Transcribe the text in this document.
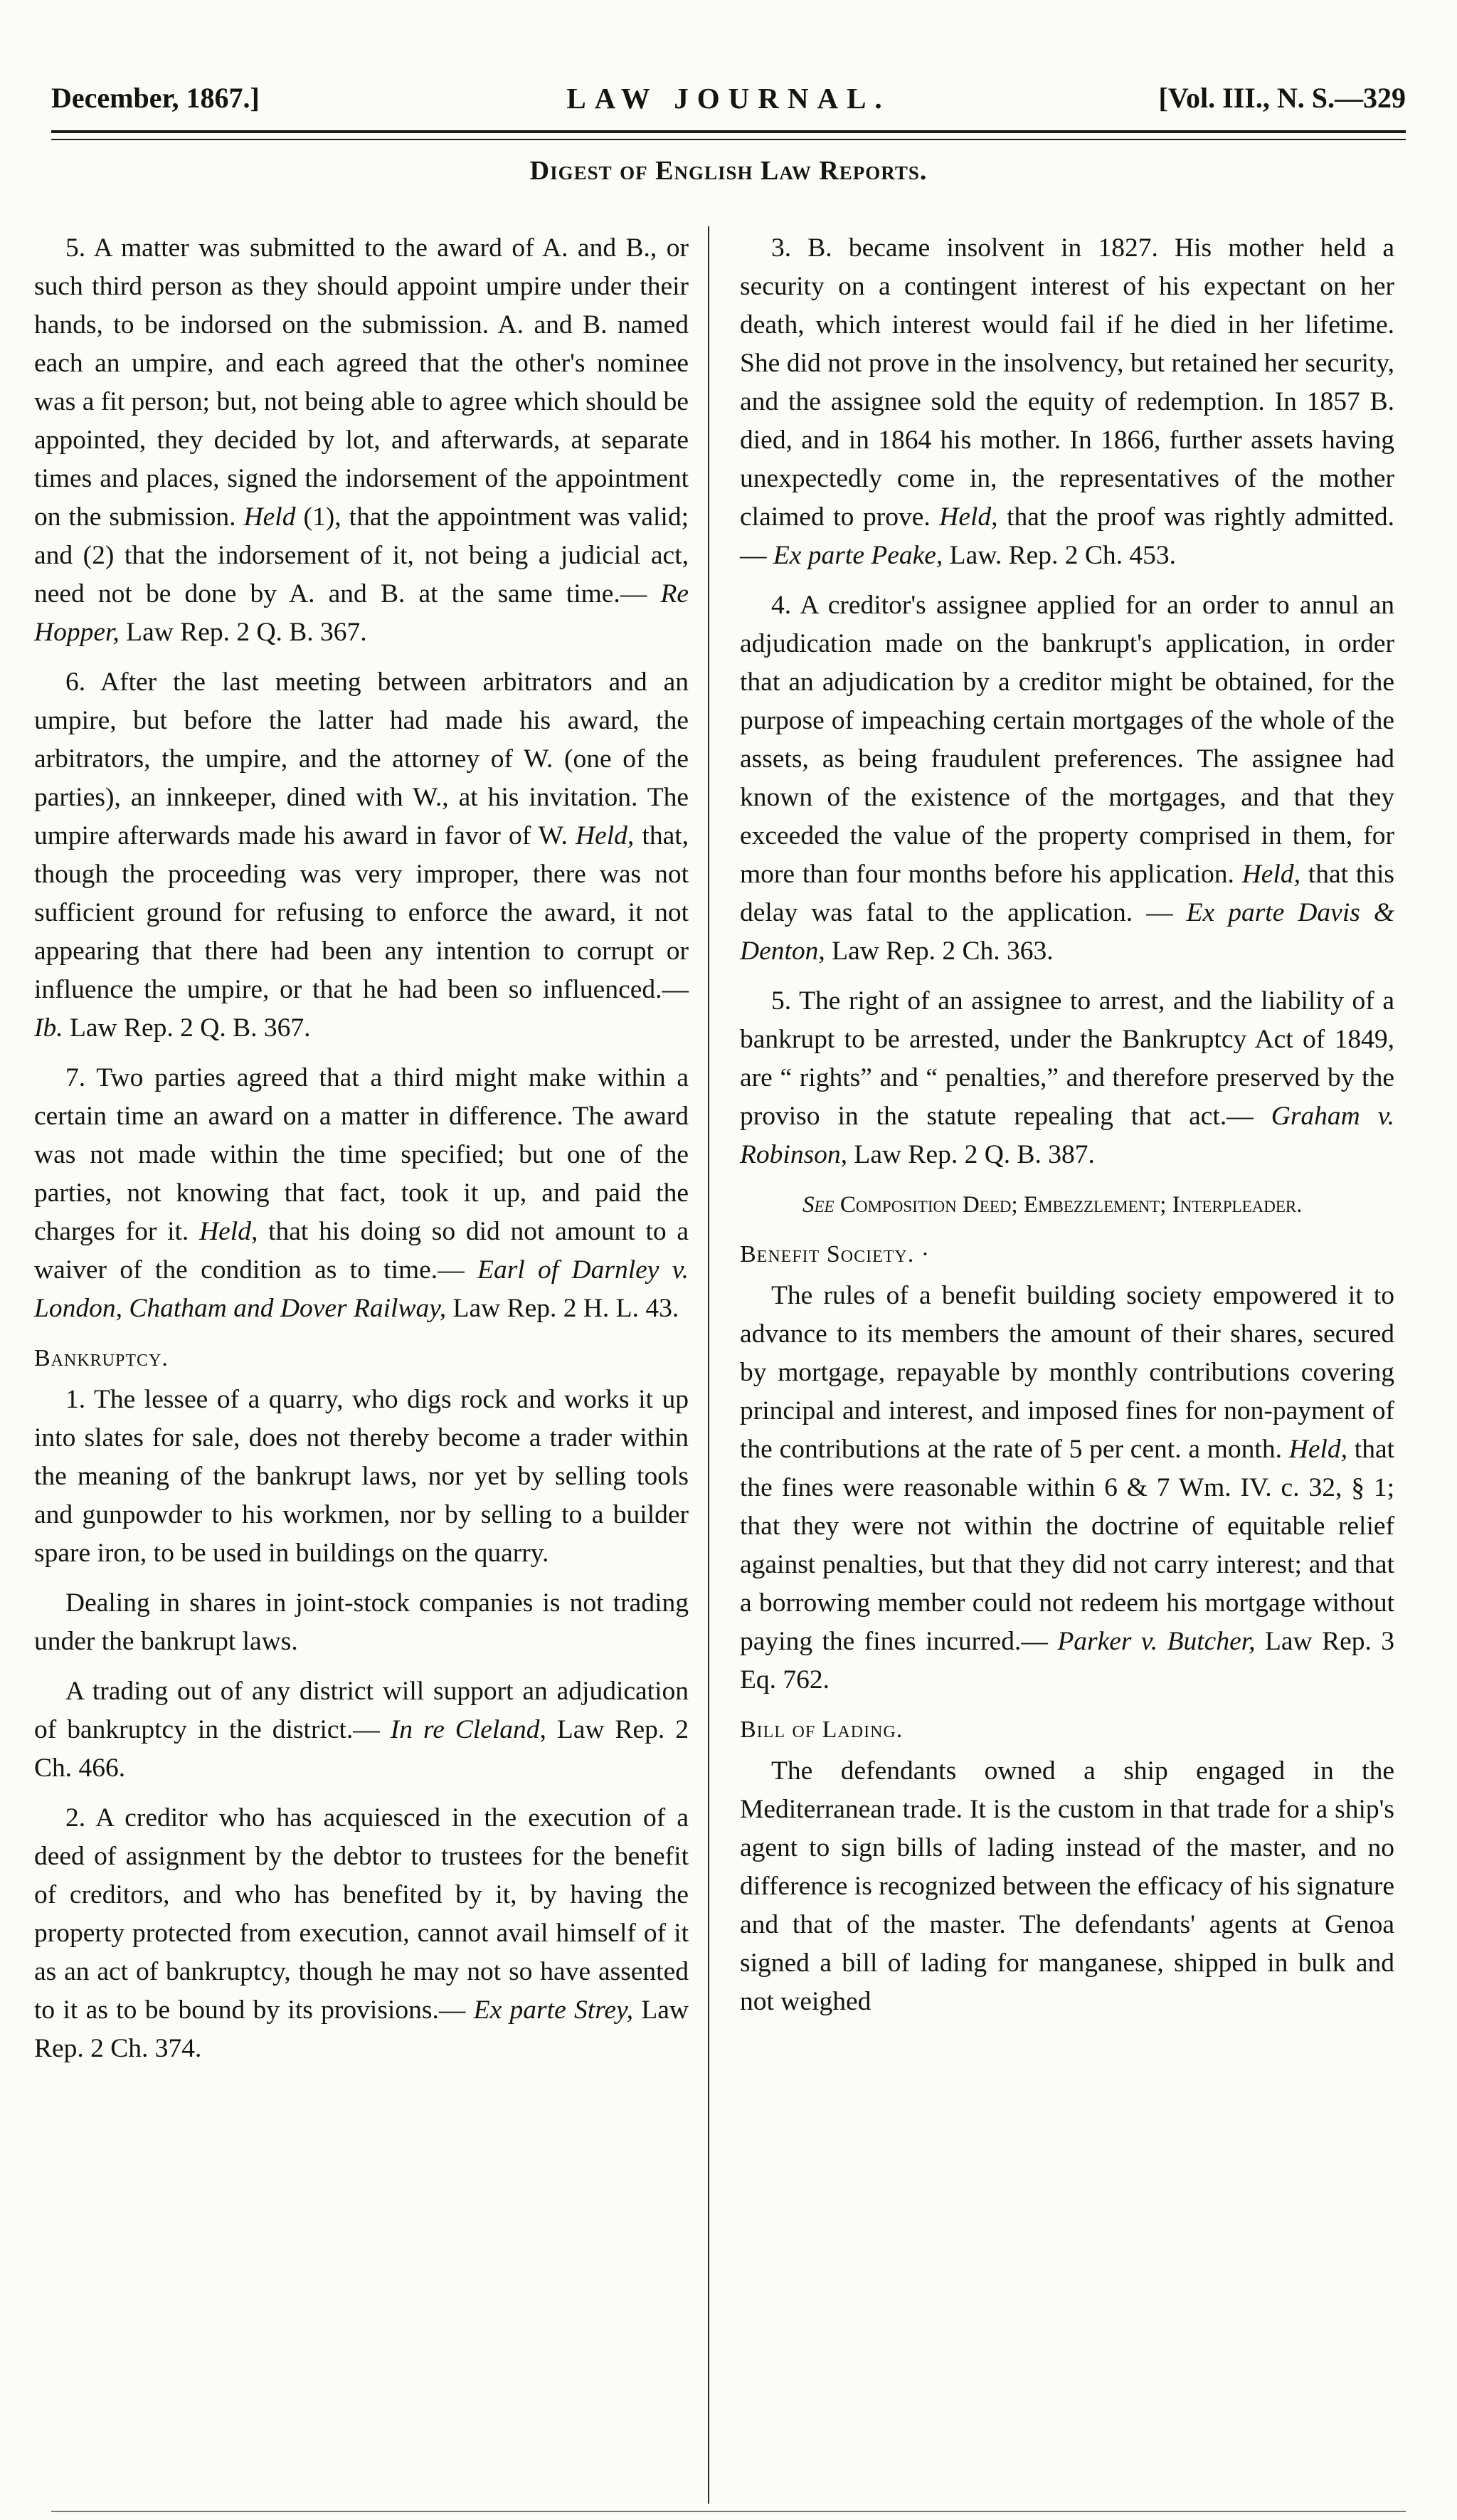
December, 1867.]	LAW JOURNAL.	[Vol. III., N. S.—329
Digest of English Law Reports.

5. A matter was submitted to the award of A. and B., or such third person as they should appoint umpire under their hands, to be indorsed on the submission. A. and B. named each an umpire, and each agreed that the other's nominee was a fit person; but, not being able to agree which should be appointed, they decided by lot, and afterwards, at separate times and places, signed the indorsement of the appointment on the submission. Held (1), that the appointment was valid; and (2) that the indorsement of it, not being a judicial act, need not be done by A. and B. at the same time.— Re Hopper, Law Rep. 2 Q. B. 367.

6. After the last meeting between arbitrators and an umpire, but before the latter had made his award, the arbitrators, the umpire, and the attorney of W. (one of the parties), an innkeeper, dined with W., at his invitation. The umpire afterwards made his award in favor of W. Held, that, though the proceeding was very improper, there was not sufficient ground for refusing to enforce the award, it not appearing that there had been any intention to corrupt or influence the umpire, or that he had been so influenced.— Ib. Law Rep. 2 Q. B. 367.

7. Two parties agreed that a third might make within a certain time an award on a matter in difference. The award was not made within the time specified; but one of the parties, not knowing that fact, took it up, and paid the charges for it. Held, that his doing so did not amount to a waiver of the condition as to time.— Earl of Darnley v. London, Chatham and Dover Railway, Law Rep. 2 H. L. 43.

Bankruptcy.

1. The lessee of a quarry, who digs rock and works it up into slates for sale, does not thereby become a trader within the meaning of the bankrupt laws, nor yet by selling tools and gunpowder to his workmen, nor by selling to a builder spare iron, to be used in buildings on the quarry.

Dealing in shares in joint-stock companies is not trading under the bankrupt laws.

A trading out of any district will support an adjudication of bankruptcy in the district.— In re Cleland, Law Rep. 2 Ch. 466.

2. A creditor who has acquiesced in the execution of a deed of assignment by the debtor to trustees for the benefit of creditors, and who has benefited by it, by having the property protected from execution, cannot avail himself of it as an act of bankruptcy, though he may not so have assented to it as to be bound by its provisions.— Ex parte Strey, Law Rep. 2 Ch. 374.

3. B. became insolvent in 1827. His mother held a security on a contingent interest of his expectant on her death, which interest would fail if he died in her lifetime. She did not prove in the insolvency, but retained her security, and the assignee sold the equity of redemption. In 1857 B. died, and in 1864 his mother. In 1866, further assets having unexpectedly come in, the representatives of the mother claimed to prove. Held, that the proof was rightly admitted.— Ex parte Peake, Law. Rep. 2 Ch. 453.

4. A creditor's assignee applied for an order to annul an adjudication made on the bankrupt's application, in order that an adjudication by a creditor might be obtained, for the purpose of impeaching certain mortgages of the whole of the assets, as being fraudulent preferences. The assignee had known of the existence of the mortgages, and that they exceeded the value of the property comprised in them, for more than four months before his application. Held, that this delay was fatal to the application. — Ex parte Davis & Denton, Law Rep. 2 Ch. 363.

5. The right of an assignee to arrest, and the liability of a bankrupt to be arrested, under the Bankruptcy Act of 1849, are “ rights” and “ penalties,” and therefore preserved by the proviso in the statute repealing that act.— Graham v. Robinson, Law Rep. 2 Q. B. 387.

See Composition Deed; Embezzlement; Interpleader.

Benefit Society. ·

The rules of a benefit building society empowered it to advance to its members the amount of their shares, secured by mortgage, repayable by monthly contributions covering principal and interest, and imposed fines for non-payment of the contributions at the rate of 5 per cent. a month. Held, that the fines were reasonable within 6 & 7 Wm. IV. c. 32, § 1; that they were not within the doctrine of equitable relief against penalties, but that they did not carry interest; and that a borrowing member could not redeem his mortgage without paying the fines incurred.— Parker v. Butcher, Law Rep. 3 Eq. 762.

Bill of Lading.

The defendants owned a ship engaged in the Mediterranean trade. It is the custom in that trade for a ship's agent to sign bills of lading instead of the master, and no difference is recognized between the efficacy of his signature and that of the master. The defendants' agents at Genoa signed a bill of lading for manganese, shipped in bulk and not weighed
